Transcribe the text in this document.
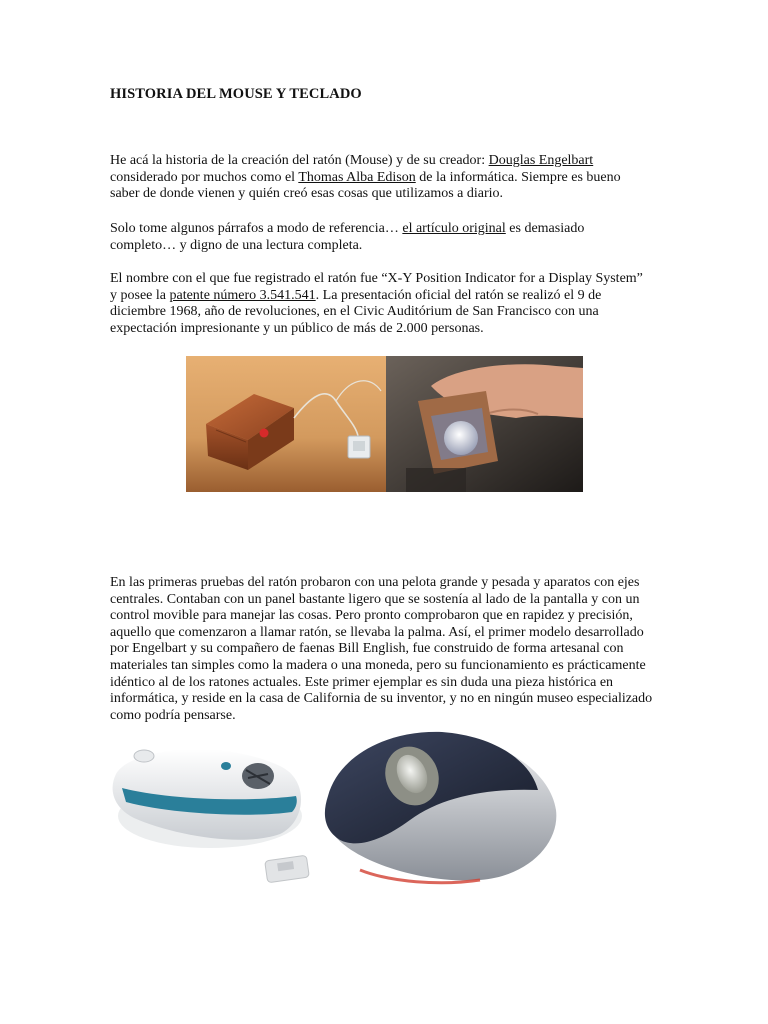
HISTORIA DEL MOUSE Y TECLADO

He acá la historia de la creación del ratón (Mouse) y de su creador: Douglas Engelbart considerado por muchos como el Thomas Alba Edison de la informática. Siempre es bueno saber de donde vienen y quién creó esas cosas que utilizamos a diario.

Solo tome algunos párrafos a modo de referencia… el artículo original es demasiado completo… y digno de una lectura completa.

El nombre con el que fue registrado el ratón fue “X-Y Position Indicator for a Display System” y posee la patente número 3.541.541. La presentación oficial del ratón se realizó el 9 de diciembre 1968, año de revoluciones, en el Civic Auditórium de San Francisco con una expectación impresionante y un público de más de 2.000 personas.

En las primeras pruebas del ratón probaron con una pelota grande y pesada y aparatos con ejes centrales. Contaban con un panel bastante ligero que se sostenía al lado de la pantalla y con un control movible para manejar las cosas. Pero pronto comprobaron que en rapidez y precisión, aquello que comenzaron a llamar ratón, se llevaba la palma. Así, el primer modelo desarrollado por Engelbart y su compañero de faenas Bill English, fue construido de forma artesanal con materiales tan simples como la madera o una moneda, pero su funcionamiento es prácticamente idéntico al de los ratones actuales. Este primer ejemplar es sin duda una pieza histórica en informática, y reside en la casa de California de su inventor, y no en ningún museo especializado como podría pensarse.
